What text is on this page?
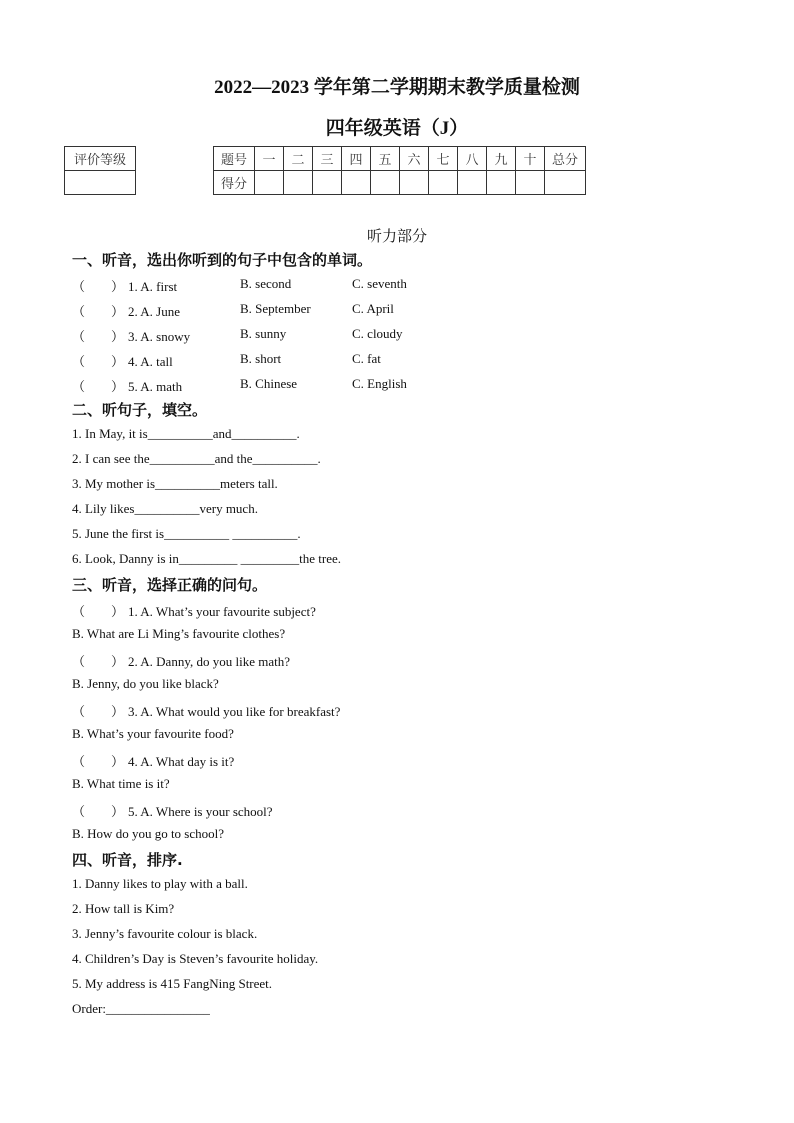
2022—2023 学年第二学期期末教学质量检测
四年级英语（J）
评价等级	题号	一	二	三	四	五	六	七	八	九	十	总分
得分											
听力部分
一、听音，选出你听到的句子中包含的单词。
（　　） 1. A. first	B. second	C. seventh
（　　） 2. A. June	B. September	C. April
（　　） 3. A. snowy	B. sunny	C. cloudy
（　　） 4. A. tall	B. short	C. fat
（　　） 5. A. math	B. Chinese	C. English
二、听句子，填空。
1. In May, it is__________and__________.
2. I can see the__________and the__________.
3. My mother is__________meters tall.
4. Lily likes__________very much.
5. June the first is__________ __________.
6. Look, Danny is in_________ _________the tree.
三、听音，选择正确的问句。
（　　） 1. A. What’s your favourite subject?
B. What are Li Ming’s favourite clothes?
（　　） 2. A. Danny, do you like math?
B. Jenny, do you like black?
（　　） 3. A. What would you like for breakfast?
B. What’s your favourite food?
（　　） 4. A. What day is it?
B. What time is it?
（　　） 5. A. Where is your school?
B. How do you go to school?
四、听音，排序.
1. Danny likes to play with a ball.
2. How tall is Kim?
3. Jenny’s favourite colour is black.
4. Children’s Day is Steven’s favourite holiday.
5. My address is 415 FangNing Street.
Order:________________
